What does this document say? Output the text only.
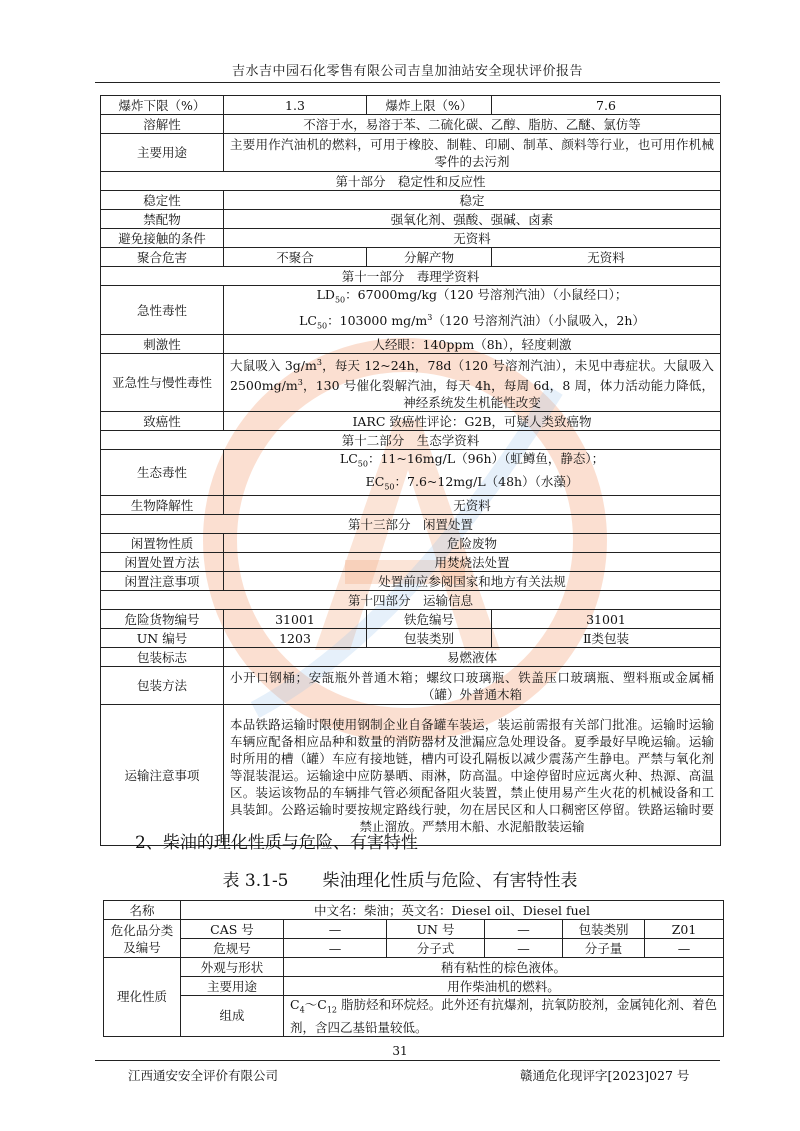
吉水吉中园石化零售有限公司吉皇加油站安全现状评价报告
爆炸下限（%）	1.3	爆炸上限（%）	7.6
溶解性	不溶于水，易溶于苯、二硫化碳、乙醇、脂肪、乙醚、氯仿等		
主要用途	主要用作汽油机的燃料，可用于橡胶、制鞋、印刷、制革、颜料等行业，也可用作机械零件的去污剂		
第十部分　稳定性和反应性			
稳定性	稳定		
禁配物	强氧化剂、强酸、强碱、卤素		
避免接触的条件	无资料		
聚合危害	不聚合	分解产物	无资料
第十一部分　毒理学资料			
急性毒性	$LD_{50}$：67000mg/kg（120 号溶剂汽油）（小鼠经口）；
$LC_{50}$：103000 $mg/m^3(120$ 号溶剂汽油）（小鼠吸入，2h）		

刺激性	人经眼：140ppm（8h），轻度刺激		
亚急性与慢性毒性	大鼠吸入 $3g/m^3$，每天 12~24h，78d（120 号溶剂汽油），未见中毒症状。大鼠吸入 $2500mg/m^3$，130 号催化裂解汽油，每天 4h，每周 6d，8 周，体力活动能力降低，神经系统发生机能性改变		
致癌性	IARC 致癌性评论：G2B，可疑人类致癌物		
第十二部分　生态学资料			
生态毒性	$LC_{50}$：11~16mg/L（96h）（虹鳟鱼，静态）；
$EC_{50}$：7.6~12mg/L（48h）（水藻）		

生物降解性	无资料		
第十三部分　闲置处置			
闲置物性质	危险废物		
闲置处置方法	用焚烧法处置		
闲置注意事项	处置前应参阅国家和地方有关法规		
第十四部分　运输信息			
危险货物编号	31001	铁危编号	31001
UN 编号	1203	包装类别	Ⅱ类包装
包装标志	易燃液体		
包装方法	小开口钢桶；安瓿瓶外普通木箱；螺纹口玻璃瓶、铁盖压口玻璃瓶、塑料瓶或金属桶（罐）外普通木箱		
运输注意事项	本品铁路运输时限使用钢制企业自备罐车装运，装运前需报有关部门批准。运输时运输车辆应配备相应品种和数量的消防器材及泄漏应急处理设备。夏季最好早晚运输。运输时所用的槽（罐）车应有接地链，槽内可设孔隔板以减少震荡产生静电。严禁与氧化剂等混装混运。运输途中应防暴晒、雨淋，防高温。中途停留时应远离火种、热源、高温区。装运该物品的车辆排气管必须配备阻火装置，禁止使用易产生火花的机械设备和工具装卸。公路运输时要按规定路线行驶，勿在居民区和人口稠密区停留。铁路运输时要禁止溜放。严禁用木船、水泥船散装运输		
2、柴油的理化性质与危险、有害特性
表 3.1-5　　柴油理化性质与危险、有害特性表
名称	中文名：柴油；英文名：Diesel oil、Diesel fuel					
危化品分类及编号	CAS 号	—	UN 号	—	包装类别	Z01
	危规号	—	分子式	—	分子量	—
理化性质	外观与形状	稍有粘性的棕色液体。				
	主要用途	用作柴油机的燃料。				
	组成	$C_4\sim C_{12}$ 脂肪烃和环烷烃。此外还有抗爆剂，抗氧防胶剂，金属钝化剂、着色剂，含四乙基铅量较低。				
31
江西通安安全评价有限公司	赣通危化现评字[2023]027 号
